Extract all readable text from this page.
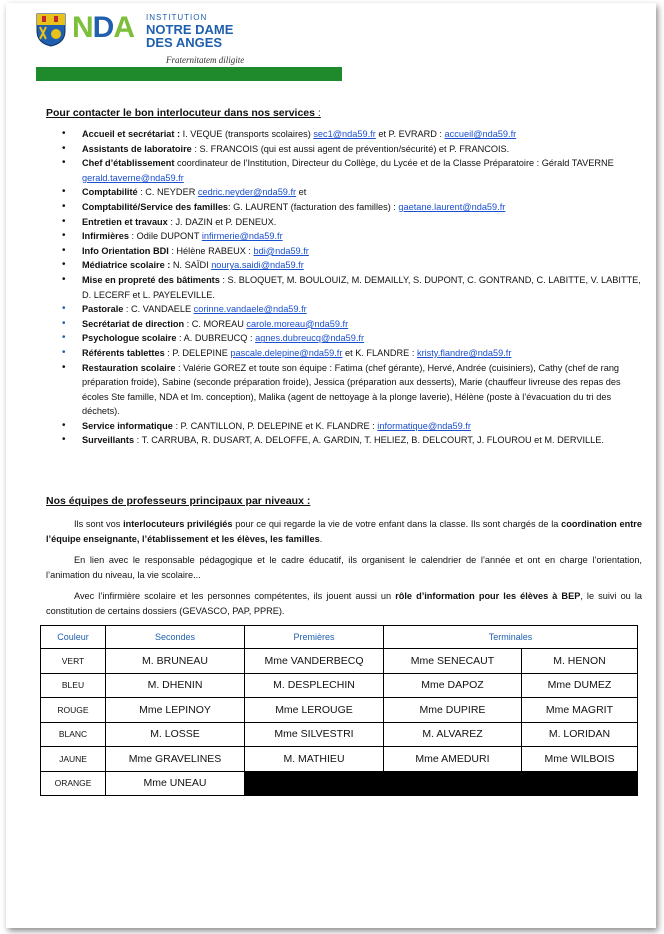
NDA INSTITUTION
NOTRE DAME
DES ANGES
Fraternitatem diligite
Pour contacter le bon interlocuteur dans nos services :
• Accueil et secrétariat : I. VEQUE (transports scolaires) sec1@nda59.fr et P. EVRARD : accueil@nda59.fr
• Assistants de laboratoire : S. FRANCOIS (qui est aussi agent de prévention/sécurité) et P. FRANCOIS.
• Chef d’établissement coordinateur de l’Institution, Directeur du Collège, du Lycée et de la Classe Préparatoire : Gérald TAVERNE gerald.taverne@nda59.fr
• Comptabilité : C. NEYDER cedric.neyder@nda59.fr et
• Comptabilité/Service des familles: G. LAURENT (facturation des familles) : gaetane.laurent@nda59.fr
• Entretien et travaux : J. DAZIN et P. DENEUX.
• Infirmières : Odile DUPONT infirmerie@nda59.fr
• Info Orientation BDI : Hélène RABEUX : bdi@nda59.fr
• Médiatrice scolaire : N. SAÏDI nourya.saidi@nda59.fr
• Mise en propreté des bâtiments : S. BLOQUET, M. BOULOUIZ, M. DEMAILLY, S. DUPONT, C. GONTRAND, C. LABITTE, V. LABITTE, D. LECERF et L. PAYELEVILLE.
• Pastorale : C. VANDAELE corinne.vandaele@nda59.fr
• Secrétariat de direction : C. MOREAU carole.moreau@nda59.fr
• Psychologue scolaire : A. DUBREUCQ : agnes.dubreucq@nda59.fr
• Référents tablettes : P. DELEPINE pascale.delepine@nda59.fr et K. FLANDRE : kristy.flandre@nda59.fr
• Restauration scolaire : Valérie GOREZ et toute son équipe : Fatima (chef gérante), Hervé, Andrée (cuisiniers), Cathy (chef de rang préparation froide), Sabine (seconde préparation froide), Jessica (préparation aux desserts), Marie (chauffeur livreuse des repas des écoles Ste famille, NDA et Im. conception), Malika (agent de nettoyage à la plonge laverie), Hélène (poste à l’évacuation du tri des déchets).
• Service informatique : P. CANTILLON, P. DELEPINE et K. FLANDRE : informatique@nda59.fr
• Surveillants : T. CARRUBA, R. DUSART, A. DELOFFE, A. GARDIN, T. HELIEZ, B. DELCOURT, J. FLOUROU et M. DERVILLE.
Nos équipes de professeurs principaux par niveaux :
Ils sont vos interlocuteurs privilégiés pour ce qui regarde la vie de votre enfant dans la classe. Ils sont chargés de la coordination entre l’équipe enseignante, l’établissement et les élèves, les familles.
En lien avec le responsable pédagogique et le cadre éducatif, ils organisent le calendrier de l’année et ont en charge l’orientation, l’animation du niveau, la vie scolaire...
Avec l’infirmière scolaire et les personnes compétentes, ils jouent aussi un rôle d’information pour les élèves à BEP, le suivi ou la constitution de certains dossiers (GEVASCO, PAP, PPRE).
Couleur	Secondes	Premières	Terminales	
VERT	M. BRUNEAU	Mme VANDERBECQ	Mme SENECAUT	M. HENON
BLEU	M. DHENIN	M. DESPLECHIN	Mme DAPOZ	Mme DUMEZ
ROUGE	Mme LEPINOY	Mme LEROUGE	Mme DUPIRE	Mme MAGRIT
BLANC	M. LOSSE	Mme SILVESTRI	M. ALVAREZ	M. LORIDAN
JAUNE	Mme GRAVELINES	M. MATHIEU	Mme AMEDURI	Mme WILBOIS
ORANGE	Mme UNEAU			
